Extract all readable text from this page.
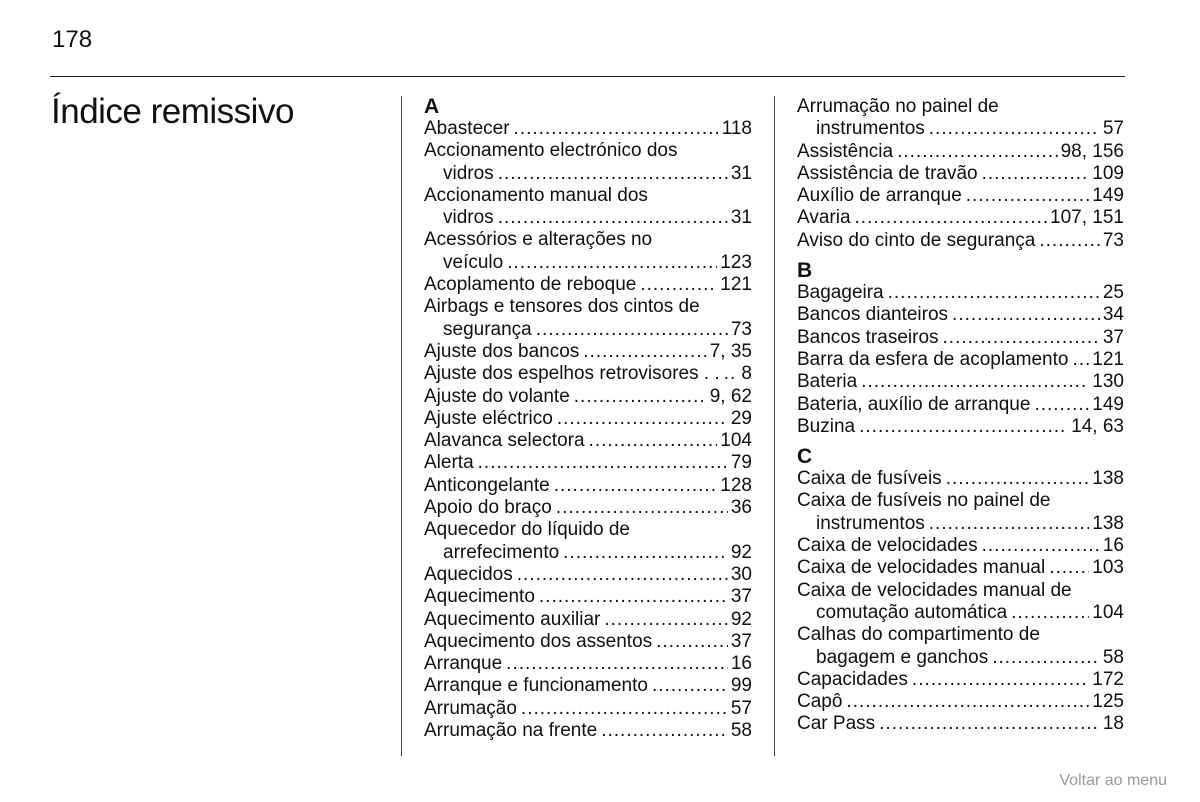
178
Índice remissivo	A
Abastecer .....	118
Accionamento electrónico dos
vidros .....	31
Accionamento manual dos
vidros .....	31
Acessórios e alterações no
veículo .....	123
Acoplamento de reboque .....	121
Airbags e tensores dos cintos de
segurança .....	73
Ajuste dos bancos .....	7, 35
Ajuste dos espelhos retrovisores . . ..... 8
Ajuste do volante .....	9, 62
Ajuste eléctrico .....	29
Alavanca selectora .....	104
Alerta .....	79
Anticongelante .....	128
Apoio do braço .....	36
Aquecedor do líquido de
arrefecimento .....	92
Aquecidos .....	30
Aquecimento .....	37
Aquecimento auxiliar .....	92
Aquecimento dos assentos .....	37
Arranque .....	16
Arranque e funcionamento .....	99
Arrumação .....	57
Arrumação na frente .....	58
Arrumação no painel de
instrumentos .....	57
Assistência .....	98, 156
Assistência de travão .....	109
Auxílio de arranque .....	149
Avaria .....	107, 151
Aviso do cinto de segurança .....	73
B
Bagageira .....	25
Bancos dianteiros .....	34
Bancos traseiros .....	37
Barra da esfera de acoplamento ..... 121
Bateria .....	130
Bateria, auxílio de arranque .....	149
Buzina .....	14, 63
C
Caixa de fusíveis .....	138
Caixa de fusíveis no painel de
instrumentos .....	138
Caixa de velocidades .....	16
Caixa de velocidades manual ..... 103
Caixa de velocidades manual de
comutação automática .....	104
Calhas do compartimento de
bagagem e ganchos .....	58
Capacidades .....	172
Capô .....	125
Car Pass .....	18
Voltar ao menu
